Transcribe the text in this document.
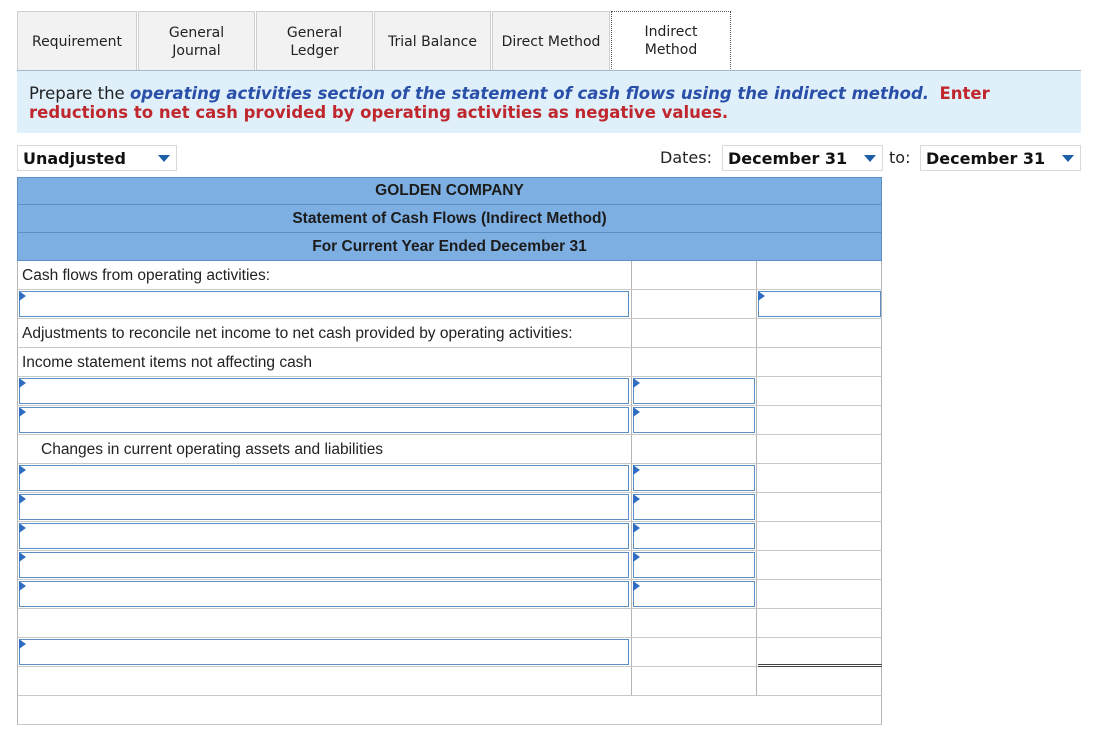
Requirement
General
Journal
General
Ledger
Trial Balance	Direct Method
Indirect
Method
Prepare the operating activities section of the statement of cash flows using the indirect method. Enter reductions to net cash provided by operating activities as negative values.
Unadjusted	Dates: December 31	to: December 31
GOLDEN COMPANY
Statement of Cash Flows (Indirect Method)
For Current Year Ended December 31
Cash flows from operating activities:
Adjustments to reconcile net income to net cash provided by operating activities:
Income statement items not affecting cash
Changes in current operating assets and liabilities
